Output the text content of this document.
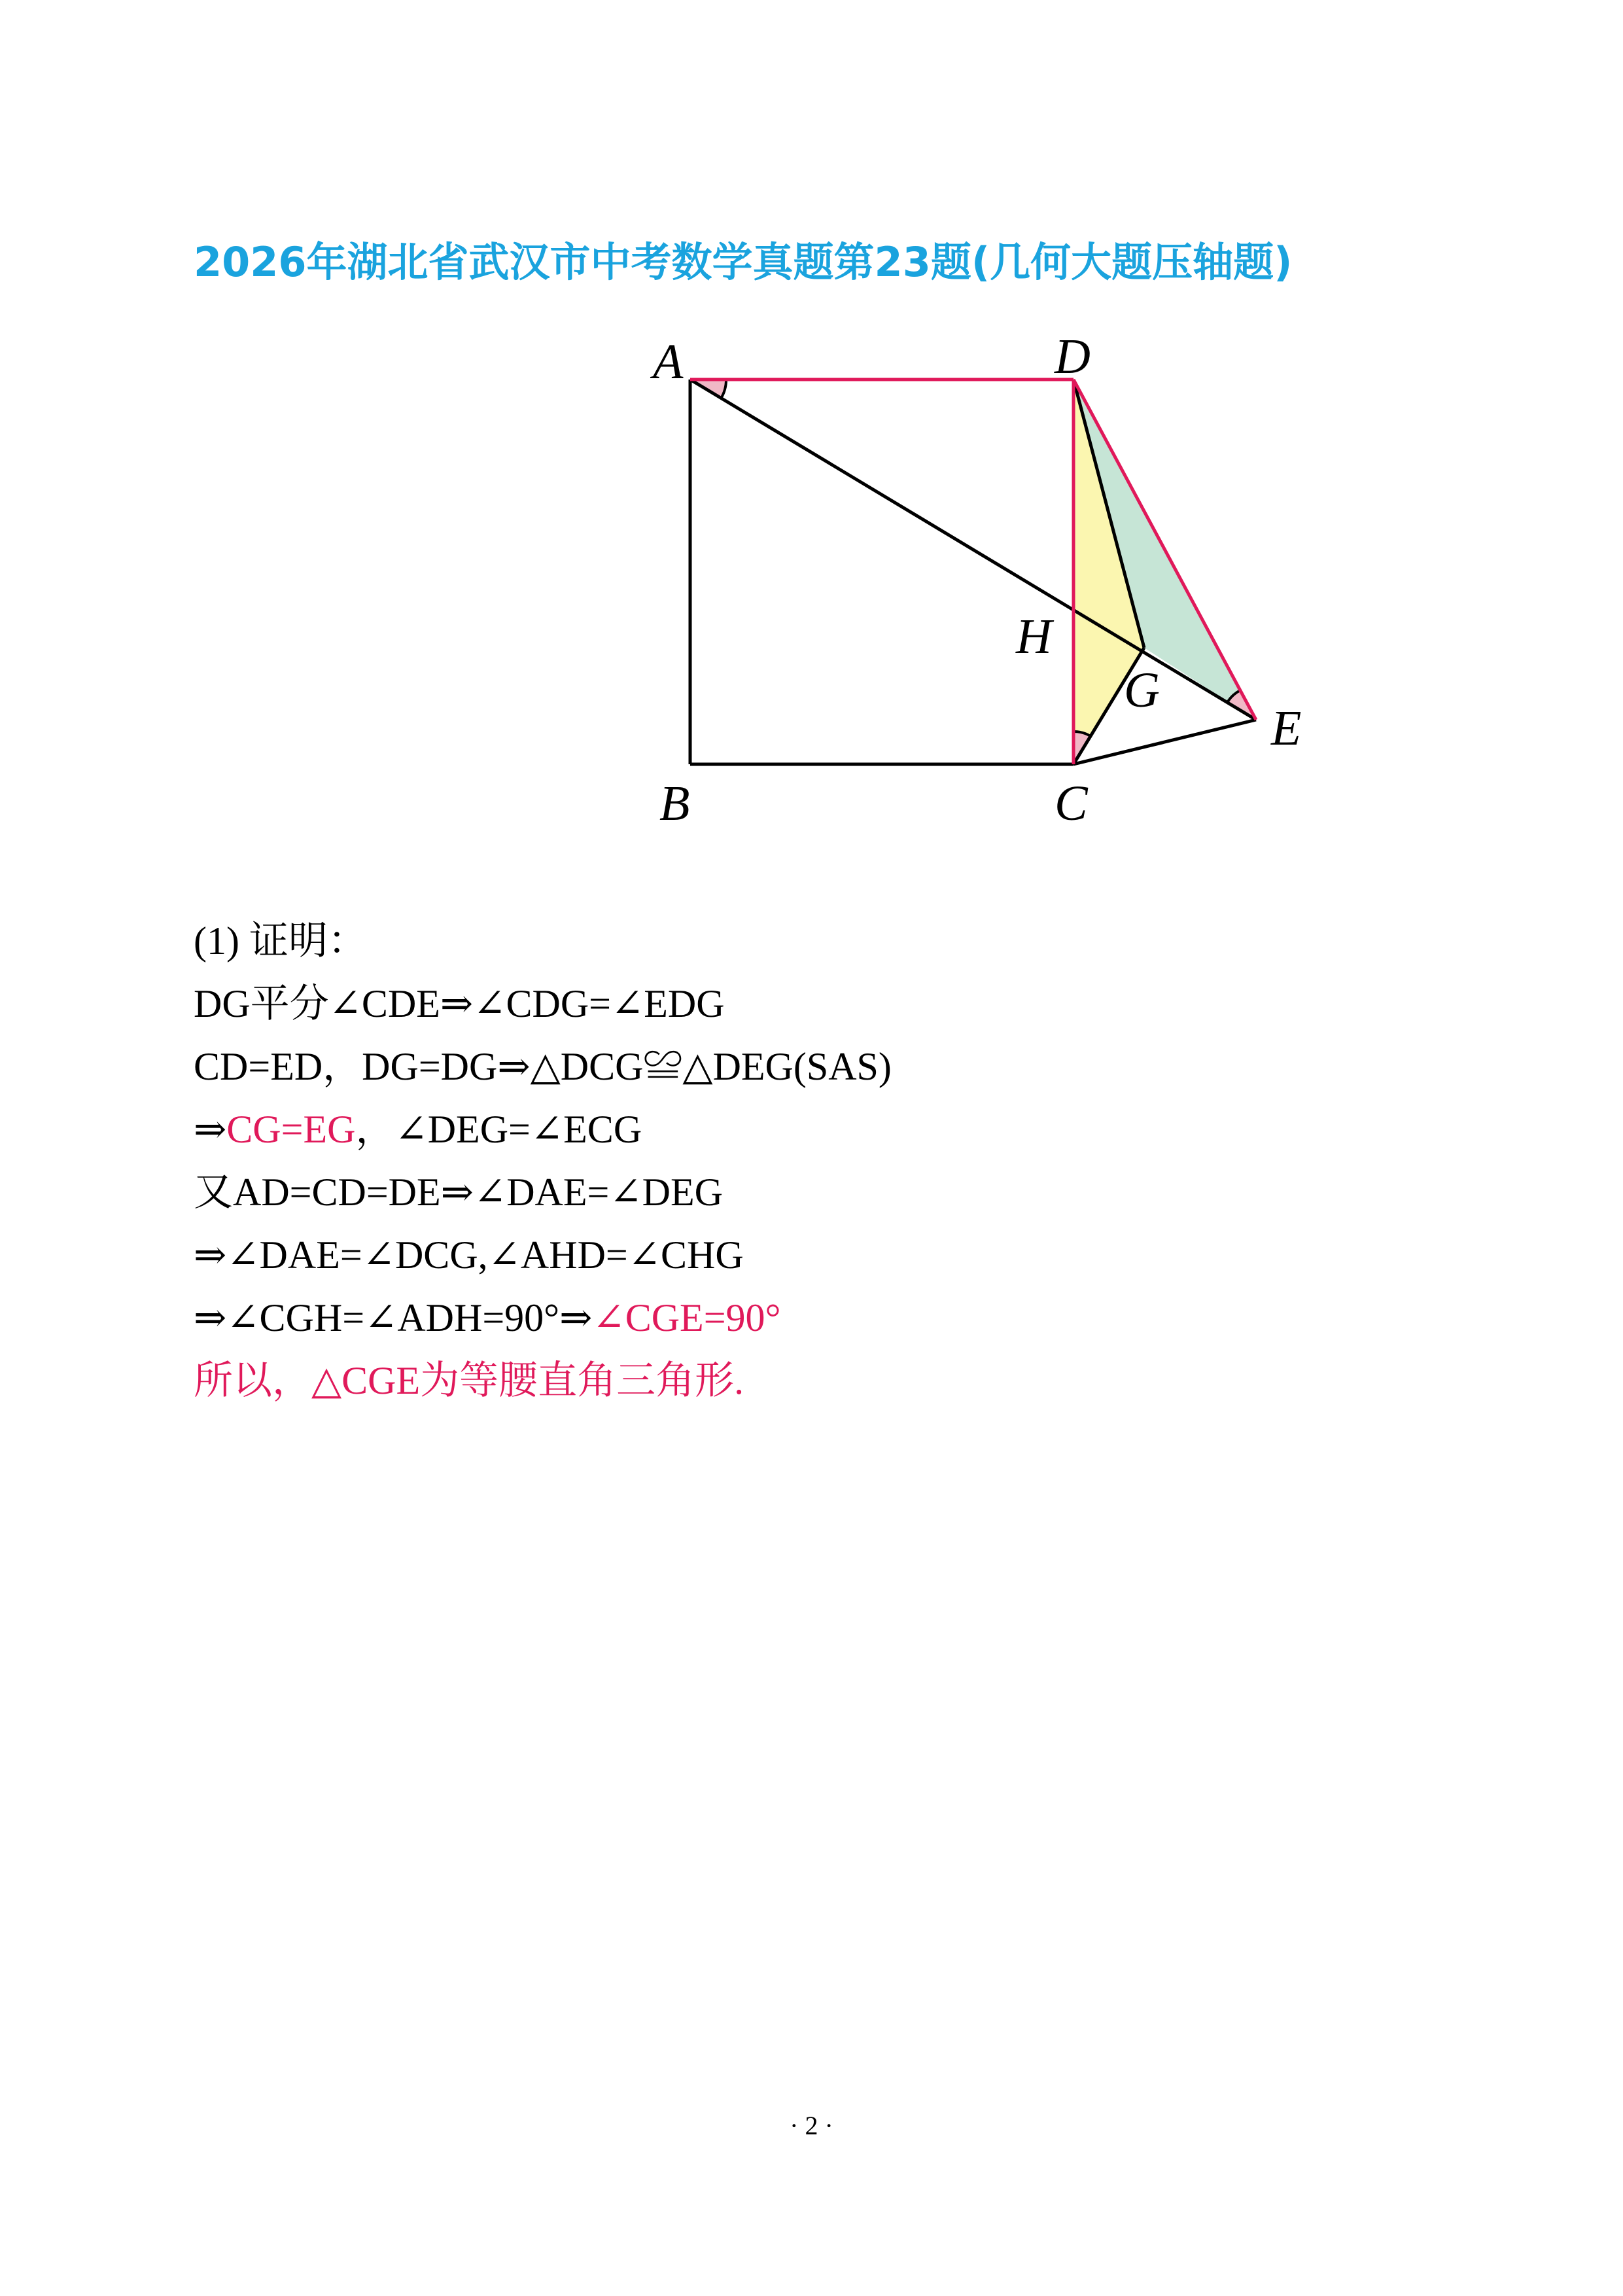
2026年湖北省武汉市中考数学真题第23题(几何大题压轴题)
A	D
H
G
E
B	C
(1) 证明：
DG平分∠CDE⇒∠CDG=∠EDG
CD=ED，DG=DG⇒△DCG≌△DEG(SAS)
⇒CG=EG，∠DEG=∠ECG
又AD=CD=DE⇒∠DAE=∠DEG
⇒∠DAE=∠DCG,∠AHD=∠CHG
⇒∠CGH=∠ADH=90°⇒∠CGE=90°
所以，△CGE为等腰直角三角形.
· 2 ·
